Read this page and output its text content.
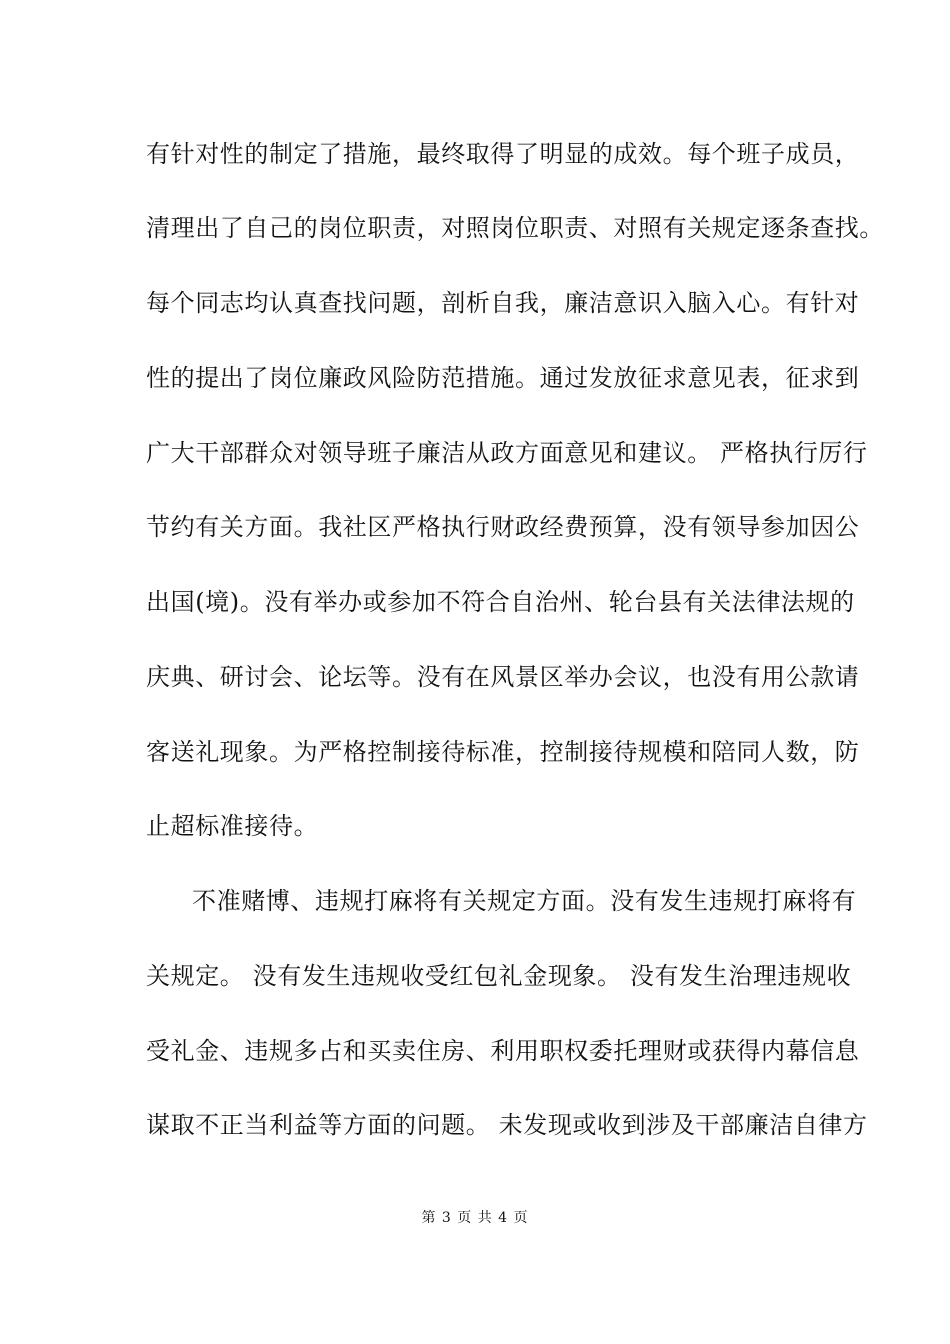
有针对性的制定了措施，最终取得了明显的成效。每个班子成员，
清理出了自己的岗位职责，对照岗位职责、对照有关规定逐条查找。
每个同志均认真查找问题，剖析自我，廉洁意识入脑入心。有针对
性的提出了岗位廉政风险防范措施。通过发放征求意见表，征求到
广大干部群众对领导班子廉洁从政方面意见和建议。 严格执行厉行
节约有关方面。我社区严格执行财政经费预算，没有领导参加因公
出国(境)。没有举办或参加不符合自治州、轮台县有关法律法规的
庆典、研讨会、论坛等。没有在风景区举办会议，也没有用公款请
客送礼现象。为严格控制接待标准，控制接待规模和陪同人数，防
止超标准接待。
不准赌博、违规打麻将有关规定方面。没有发生违规打麻将有
关规定。 没有发生违规收受红包礼金现象。 没有发生治理违规收
受礼金、违规多占和买卖住房、利用职权委托理财或获得内幕信息
谋取不正当利益等方面的问题。 未发现或收到涉及干部廉洁自律方
第 3 页 共 4 页
